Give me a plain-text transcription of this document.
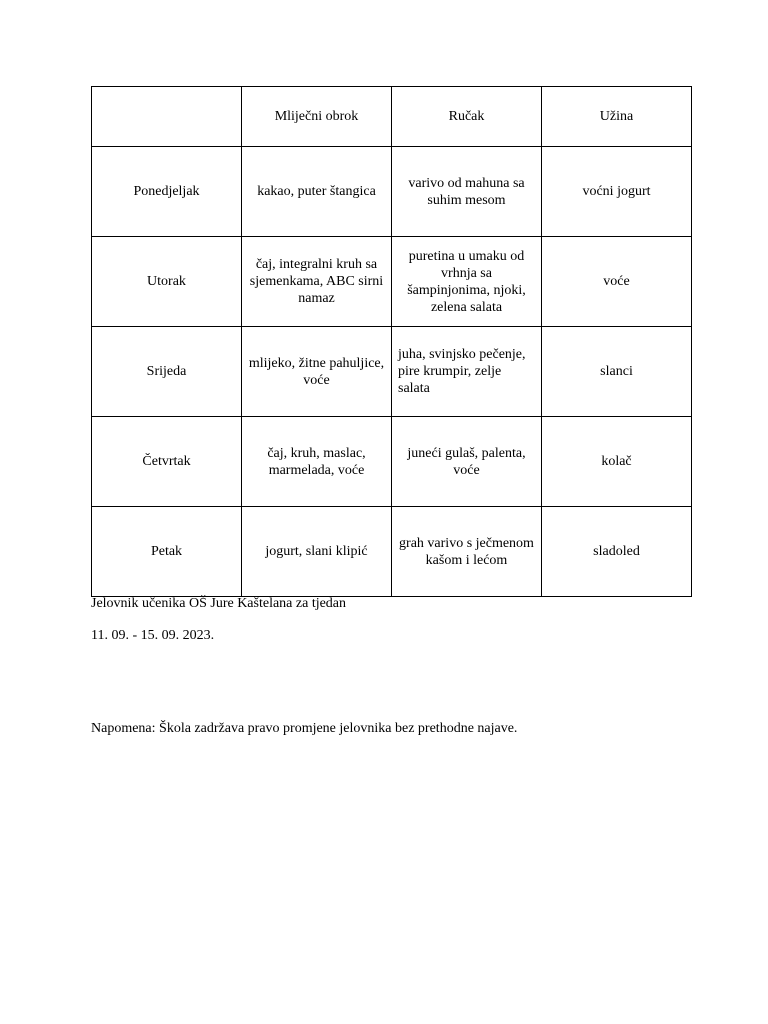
	Mliječni obrok	Ručak	Užina
Ponedjeljak	kakao, puter štangica	varivo od mahuna sa suhim mesom	voćni jogurt
Utorak	čaj, integralni kruh sa sjemenkama, ABC sirni namaz	puretina u umaku od vrhnja sa šampinjonima, njoki, zelena salata	voće
Srijeda	mlijeko, žitne pahuljice, voće	juha, svinjsko pečenje, pire krumpir, zelje salata	slanci
Četvrtak	čaj, kruh, maslac, marmelada, voće	juneći gulaš, palenta, voće	kolač
Petak	jogurt, slani klipić	grah varivo s ječmenom kašom i lećom	sladoled
Jelovnik učenika OŠ Jure Kaštelana za tjedan
11. 09. - 15. 09. 2023.
Napomena: Škola zadržava pravo promjene jelovnika bez prethodne najave.
